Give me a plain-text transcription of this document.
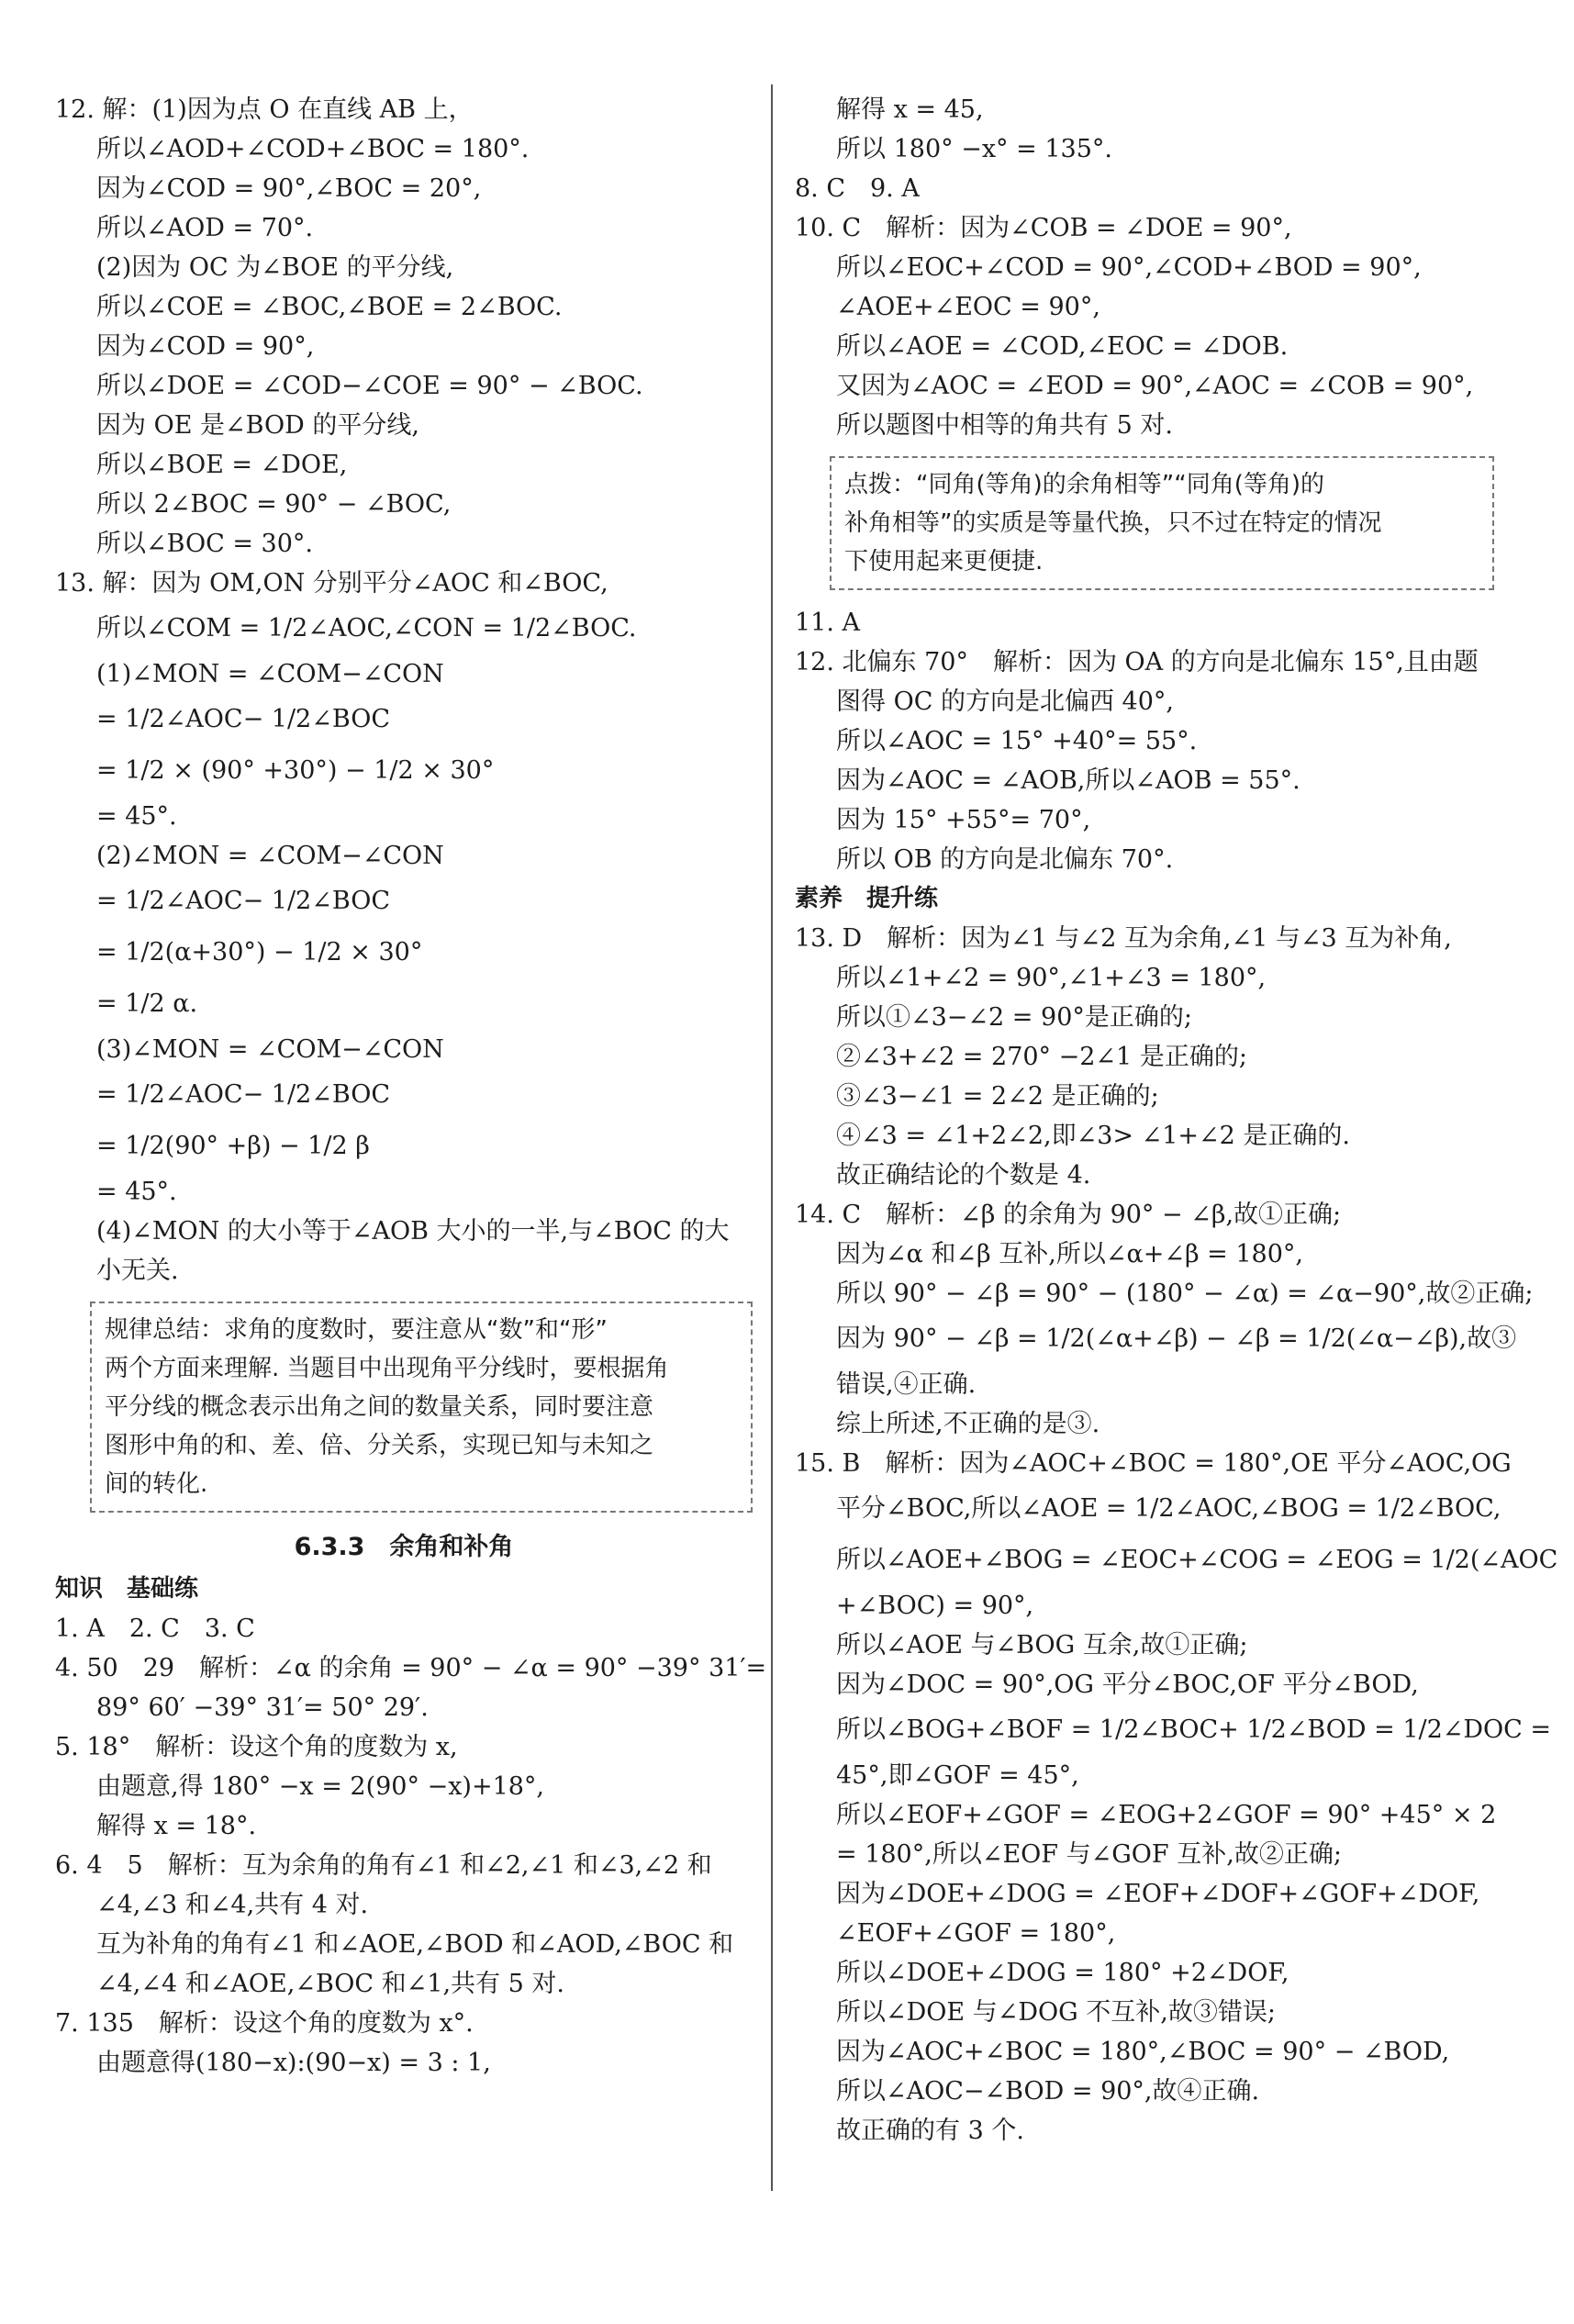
12. 解：(1)因为点 O 在直线 AB 上，
所以∠AOD+∠COD+∠BOC = 180°.
因为∠COD = 90°,∠BOC = 20°,
所以∠AOD = 70°.
(2)因为 OC 为∠BOE 的平分线,
所以∠COE = ∠BOC,∠BOE = 2∠BOC.
因为∠COD = 90°,
所以∠DOE = ∠COD−∠COE = 90° − ∠BOC.
因为 OE 是∠BOD 的平分线,
所以∠BOE = ∠DOE,
所以 2∠BOC = 90° − ∠BOC,
所以∠BOC = 30°.
13. 解：因为 OM,ON 分别平分∠AOC 和∠BOC,
所以∠COM = 1/2∠AOC,∠CON = 1/2∠BOC.
(1)∠MON = ∠COM−∠CON
= 1/2∠AOC− 1/2∠BOC
= 1/2 × (90° +30°) − 1/2 × 30°
= 45°.
(2)∠MON = ∠COM−∠CON
= 1/2∠AOC− 1/2∠BOC
= 1/2(α+30°) − 1/2 × 30°
= 1/2 α.
(3)∠MON = ∠COM−∠CON
= 1/2∠AOC− 1/2∠BOC
= 1/2(90° +β) − 1/2 β
= 45°.
(4)∠MON 的大小等于∠AOB 大小的一半,与∠BOC 的大
小无关.
规律总结：求角的度数时，要注意从“数”和“形”
两个方面来理解. 当题目中出现角平分线时，要根据角
平分线的概念表示出角之间的数量关系，同时要注意
图形中角的和、差、倍、分关系，实现已知与未知之
间的转化.
6.3.3　余角和补角
知识　基础练
1. A　2. C　3. C
4. 50　29　解析：∠α 的余角 = 90° − ∠α = 90° −39° 31′=
89° 60′ −39° 31′= 50° 29′.
5. 18°　解析：设这个角的度数为 x,
由题意,得 180° −x = 2(90° −x)+18°,
解得 x = 18°.
6. 4　5　解析：互为余角的角有∠1 和∠2,∠1 和∠3,∠2 和
∠4,∠3 和∠4,共有 4 对.
互为补角的角有∠1 和∠AOE,∠BOD 和∠AOD,∠BOC 和
∠4,∠4 和∠AOE,∠BOC 和∠1,共有 5 对.
7. 135　解析：设这个角的度数为 x°.
由题意得(180−x):(90−x) = 3 : 1,
解得 x = 45,
所以 180° −x° = 135°.
8. C　9. A
10. C　解析：因为∠COB = ∠DOE = 90°,
所以∠EOC+∠COD = 90°,∠COD+∠BOD = 90°,
∠AOE+∠EOC = 90°,
所以∠AOE = ∠COD,∠EOC = ∠DOB.
又因为∠AOC = ∠EOD = 90°,∠AOC = ∠COB = 90°,
所以题图中相等的角共有 5 对.
点拨：“同角(等角)的余角相等”“同角(等角)的
补角相等”的实质是等量代换，只不过在特定的情况
下使用起来更便捷.
11. A
12. 北偏东 70°　解析：因为 OA 的方向是北偏东 15°,且由题
图得 OC 的方向是北偏西 40°,
所以∠AOC = 15° +40°= 55°.
因为∠AOC = ∠AOB,所以∠AOB = 55°.
因为 15° +55°= 70°,
所以 OB 的方向是北偏东 70°.
素养　提升练
13. D　解析：因为∠1 与∠2 互为余角,∠1 与∠3 互为补角,
所以∠1+∠2 = 90°,∠1+∠3 = 180°,
所以①∠3−∠2 = 90°是正确的;
②∠3+∠2 = 270° −2∠1 是正确的;
③∠3−∠1 = 2∠2 是正确的;
④∠3 = ∠1+2∠2,即∠3> ∠1+∠2 是正确的.
故正确结论的个数是 4.
14. C　解析：∠β 的余角为 90° − ∠β,故①正确;
因为∠α 和∠β 互补,所以∠α+∠β = 180°,
所以 90° − ∠β = 90° − (180° − ∠α) = ∠α−90°,故②正确;
因为 90° − ∠β = 1/2(∠α+∠β) − ∠β = 1/2(∠α−∠β),故③
错误,④正确.
综上所述,不正确的是③.
15. B　解析：因为∠AOC+∠BOC = 180°,OE 平分∠AOC,OG
平分∠BOC,所以∠AOE = 1/2∠AOC,∠BOG = 1/2∠BOC,
所以∠AOE+∠BOG = ∠EOC+∠COG = ∠EOG = 1/2(∠AOC
+∠BOC) = 90°,
所以∠AOE 与∠BOG 互余,故①正确;
因为∠DOC = 90°,OG 平分∠BOC,OF 平分∠BOD,
所以∠BOG+∠BOF = 1/2∠BOC+ 1/2∠BOD = 1/2∠DOC =
45°,即∠GOF = 45°,
所以∠EOF+∠GOF = ∠EOG+2∠GOF = 90° +45° × 2
= 180°,所以∠EOF 与∠GOF 互补,故②正确;
因为∠DOE+∠DOG = ∠EOF+∠DOF+∠GOF+∠DOF,
∠EOF+∠GOF = 180°,
所以∠DOE+∠DOG = 180° +2∠DOF,
所以∠DOE 与∠DOG 不互补,故③错误;
因为∠AOC+∠BOC = 180°,∠BOC = 90° − ∠BOD,
所以∠AOC−∠BOD = 90°,故④正确.
故正确的有 3 个.
